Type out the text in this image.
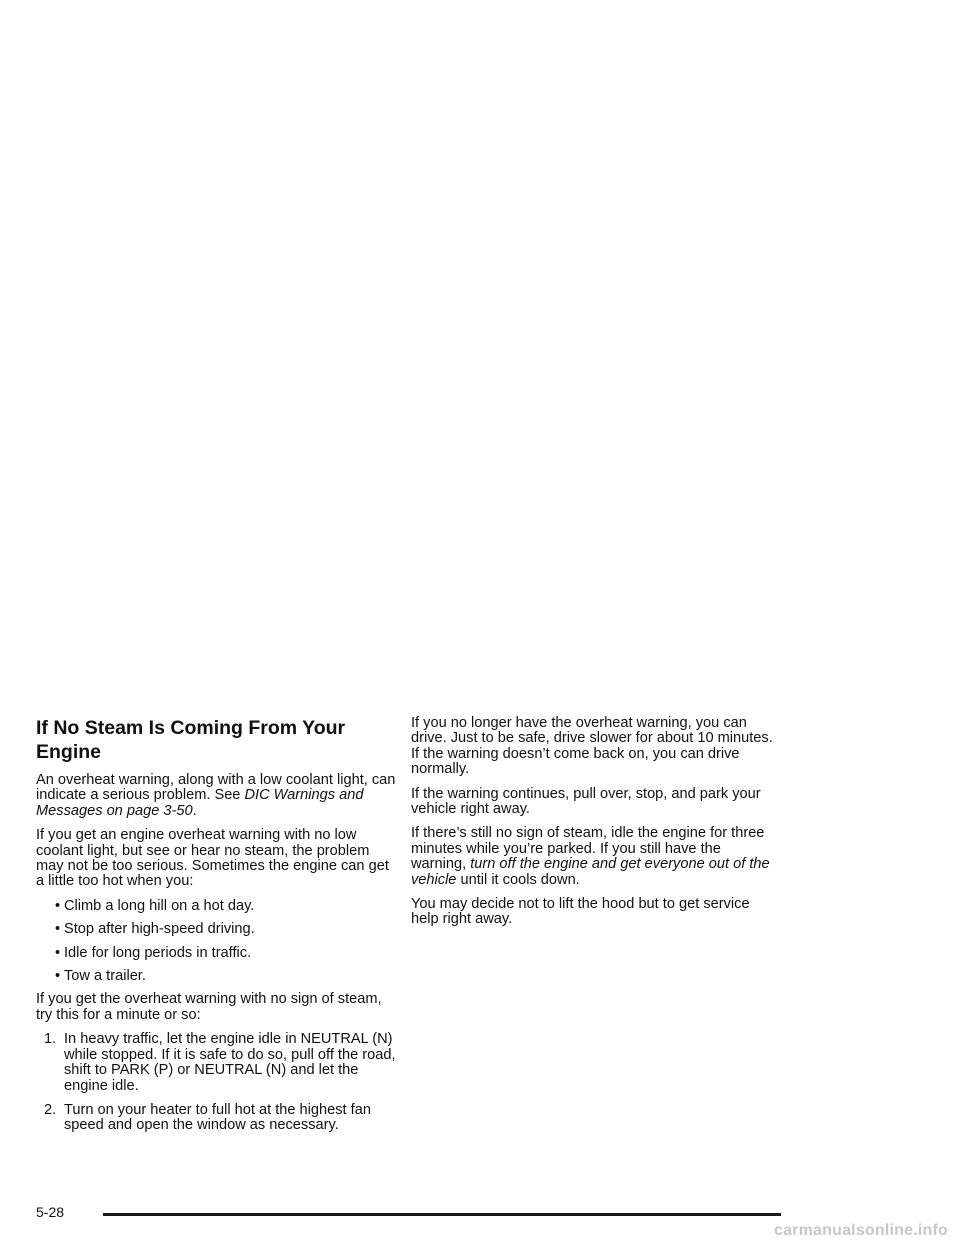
If No Steam Is Coming From Your Engine

An overheat warning, along with a low coolant light, can indicate a serious problem. See DIC Warnings and Messages on page 3-50.

If you get an engine overheat warning with no low coolant light, but see or hear no steam, the problem may not be too serious. Sometimes the engine can get a little too hot when you:

• Climb a long hill on a hot day.
• Stop after high-speed driving.
• Idle for long periods in traffic.
• Tow a trailer.

If you get the overheat warning with no sign of steam, try this for a minute or so:

1. In heavy traffic, let the engine idle in NEUTRAL (N) while stopped. If it is safe to do so, pull off the road, shift to PARK (P) or NEUTRAL (N) and let the engine idle.
2. Turn on your heater to full hot at the highest fan speed and open the window as necessary.

If you no longer have the overheat warning, you can drive. Just to be safe, drive slower for about 10 minutes. If the warning doesn’t come back on, you can drive normally.

If the warning continues, pull over, stop, and park your vehicle right away.

If there’s still no sign of steam, idle the engine for three minutes while you’re parked. If you still have the warning, turn off the engine and get everyone out of the vehicle until it cools down.

You may decide not to lift the hood but to get service help right away.

5-28
carmanualsonline.info
